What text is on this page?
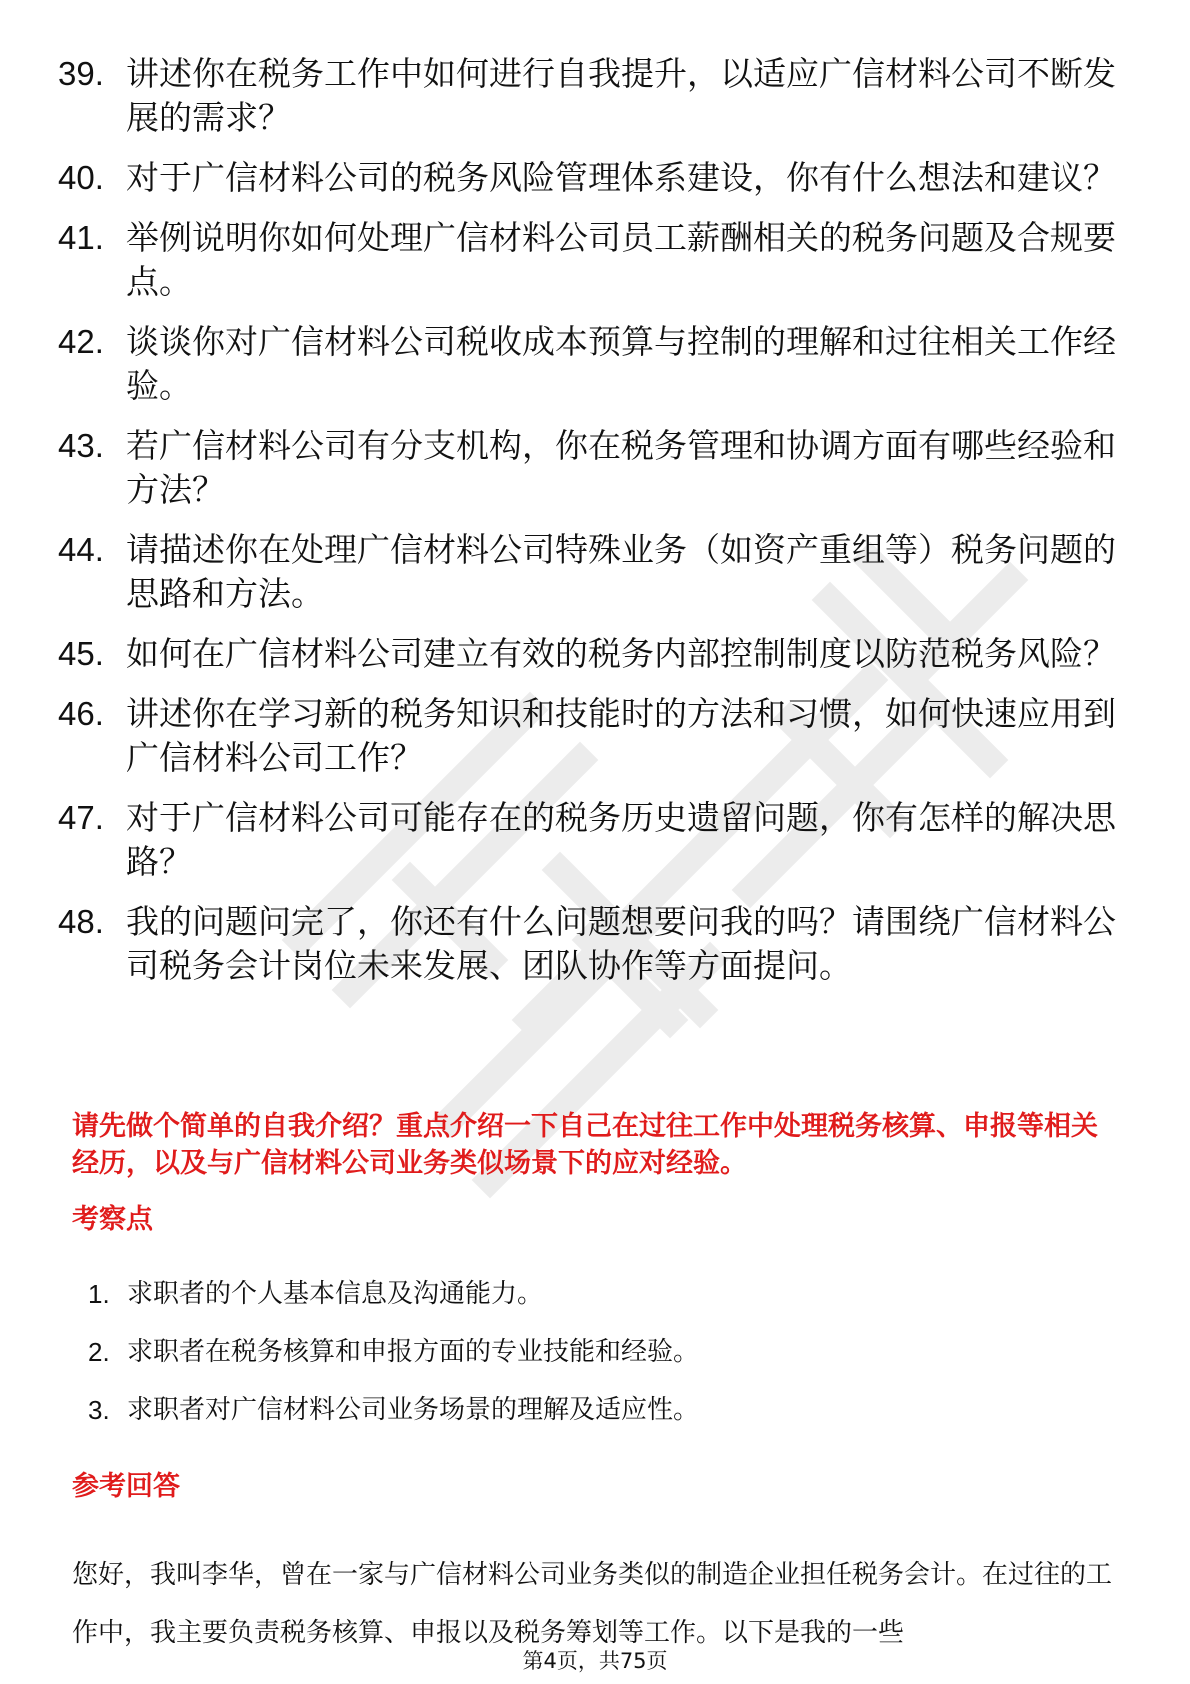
39. 讲述你在税务工作中如何进行自我提升，以适应广信材料公司不断发展的需求？
40. 对于广信材料公司的税务风险管理体系建设，你有什么想法和建议？
41. 举例说明你如何处理广信材料公司员工薪酬相关的税务问题及合规要点。
42. 谈谈你对广信材料公司税收成本预算与控制的理解和过往相关工作经验。
43. 若广信材料公司有分支机构，你在税务管理和协调方面有哪些经验和方法？
44. 请描述你在处理广信材料公司特殊业务（如资产重组等）税务问题的思路和方法。
45. 如何在广信材料公司建立有效的税务内部控制制度以防范税务风险？
46. 讲述你在学习新的税务知识和技能时的方法和习惯，如何快速应用到广信材料公司工作？
47. 对于广信材料公司可能存在的税务历史遗留问题，你有怎样的解决思路？
48. 我的问题问完了，你还有什么问题想要问我的吗？请围绕广信材料公司税务会计岗位未来发展、团队协作等方面提问。
请先做个简单的自我介绍？重点介绍一下自己在过往工作中处理税务核算、申报等相关经历，以及与广信材料公司业务类似场景下的应对经验。
考察点
1. 求职者的个人基本信息及沟通能力。
2. 求职者在税务核算和申报方面的专业技能和经验。
3. 求职者对广信材料公司业务场景的理解及适应性。
参考回答
您好，我叫李华，曾在一家与广信材料公司业务类似的制造企业担任税务会计。在过往的工作中，我主要负责税务核算、申报以及税务筹划等工作。以下是我的一些
第4页，共75页
